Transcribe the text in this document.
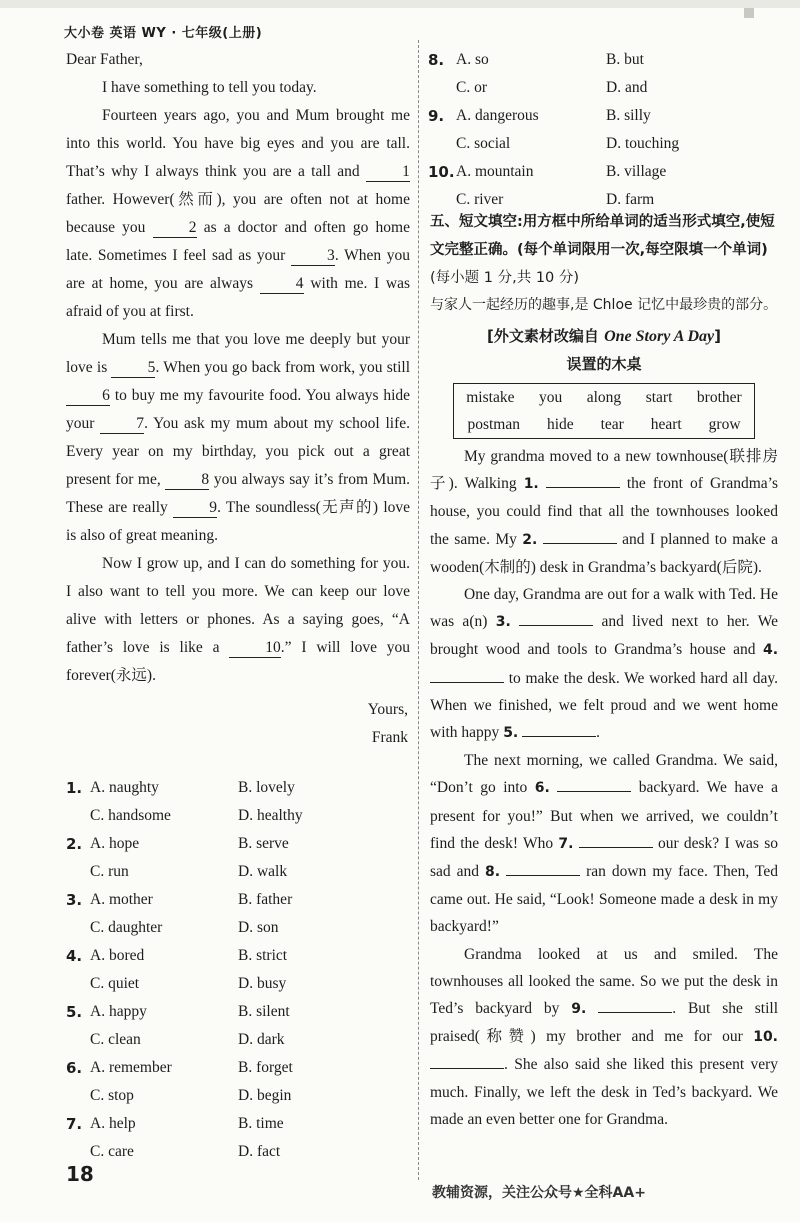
大小卷 英语 WY · 七年级(上册)

Dear Father,

I have something to tell you today.

Fourteen years ago, you and Mum brought me into this world. You have big eyes and you are tall. That’s why I always think you are a tall and	1 father. However(然而), you are often not at home because you	2 as a doctor and often go home late. Sometimes I feel sad as your	3. When you are at home, you are always	4 with me. I was afraid of you at first.

Mum tells me that you love me deeply but your love is	5. When you go back from work, you still 6 to buy me my favourite food. You always hide your	7. You ask my mum about my school life. Every year on my birthday, you pick out a great present for me,	8 you always say it’s from Mum. These are really	9. The soundless(无声的) love is also of great meaning.

Now I grow up, and I can do something for you. I also want to tell you more. We can keep our love alive with letters or phones. As a saying goes, “A father’s love is like a	10.” I will love you forever(永远).

Yours,

Frank

1. A. naughty	B. lovely
C. handsome	D. healthy
2. A. hope	B. serve
C. run	D. walk
3. A. mother	B. father
C. daughter	D. son
4. A. bored	B. strict
C. quiet	D. busy
5. A. happy	B. silent
C. clean	D. dark
6. A. remember	B. forget
C. stop	D. begin
7. A. help	B. time
C. care	D. fact
8. A. so	B. but
C. or	D. and
9. A. dangerous	B. silly
C. social	D. touching
10. A. mountain	B. village
C. river	D. farm
五、短文填空:用方框中所给单词的适当形式填空,使短文完整正确。(每个单词限用一次,每空限填一个单词)(每小题 1 分,共 10 分)

与家人一起经历的趣事,是 Chloe 记忆中最珍贵的部分。

[外文素材改编自 One Story A Day]
误置的木桌
mistake you along start brother
postman hide tear heart grow

My grandma moved to a new townhouse(联排房子). Walking 1.	the front of Grandma’s house, you could find that all the townhouses looked the same. My 2.	and I planned to make a wooden(木制的) desk in Grandma’s backyard(后院).

One day, Grandma are out for a walk with Ted. He was a(n) 3.	and lived next to her. We brought wood and tools to Grandma’s house and 4.  to make the desk. We worked hard all day. When we finished, we felt proud and we went home with happy 5.	.

The next morning, we called Grandma. We said, “Don’t go into 6.	backyard. We have a present for you!” But when we arrived, we couldn’t find the desk! Who 7.	our desk? I was so sad and 8.	ran down my face. Then, Ted came out. He said, “Look! Someone made a desk in my backyard!”

Grandma looked at us and smiled. The townhouses all looked the same. So we put the desk in Ted’s backyard by 9.	. But she still praised(称赞) my brother and me for our 10. . She also said she liked this present very much. Finally, we left the desk in Ted’s backyard. We made an even better one for Grandma.

18
教辅资源，关注公众号★全科AA+
